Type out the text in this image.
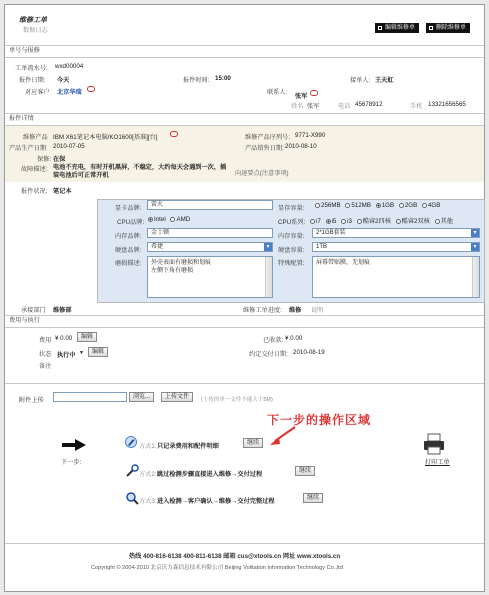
维修工单
数据日志	编辑维修单	删除维修单
单号与报修
工单流水号: wxd00004
报件日期: 今天	报件时间: 15:00	接单人: 王天虹
对应客户 北京华瑞	联系人:
张军
姓名 张军	电话 45678912	手机 13321656565
报件详情
维修产品 IBM X61笔记本电脑/KO1600[基准][台]	维修产品序列号: 9771-X990
产品生产日期 2010-07-05	产品销售日期: 2010-08-10
保修: 在保
故障描述: 电池不充电，有时开机黑屏，不稳定，大约每天会遇到一次，插装电池后可正常开机	向速要点(注意事项)
报件状况: 笔记本
显卡品牌:	雷火	显存容量:	256MB 512MB 1GB 2GB 4GB
CPU品牌:	Intel AMD	CPU系列:	i7 i5 i3 酷睿2四核 酷睿2双核 其他
内存品牌:	金士顿	内存容量:	2*1GB套装 ▾
硬盘品牌:	希捷 ▾	硬盘容量:	1TB ▾
磨损描述:	外壳表面有磨损和划痕
左侧下角有磨损
特殊配置:	屏幕带贴膜，无划痕
承接部门 维修部	维修工单进度: 维修 说明
费用与执行
费用 ¥ 0.00	编辑	已收款: ¥ 0.00
状态 执行中 ▼	编辑	约定交付日期: 2010-08-19
备注
附件上传	浏览...	上传文件	(上传的单一文件不能大于5M)
下一步的操作区域
下一步:
方式1: 只记录费用和配件明细	继续
方式2: 跳过检测步骤直接进入维修→交付过程	继续
方式3: 进入检测→客户确认→维修→交付完整过程	继续
打印工单
热线 400-816-6138 400-811-6138 邮箱 cus@xtools.cn 网址 www.xtools.cn
Copyright © 2004-2010 北京沃力森信息技术有限公司 Beijing Volitation Information Technology Co.,ltd
